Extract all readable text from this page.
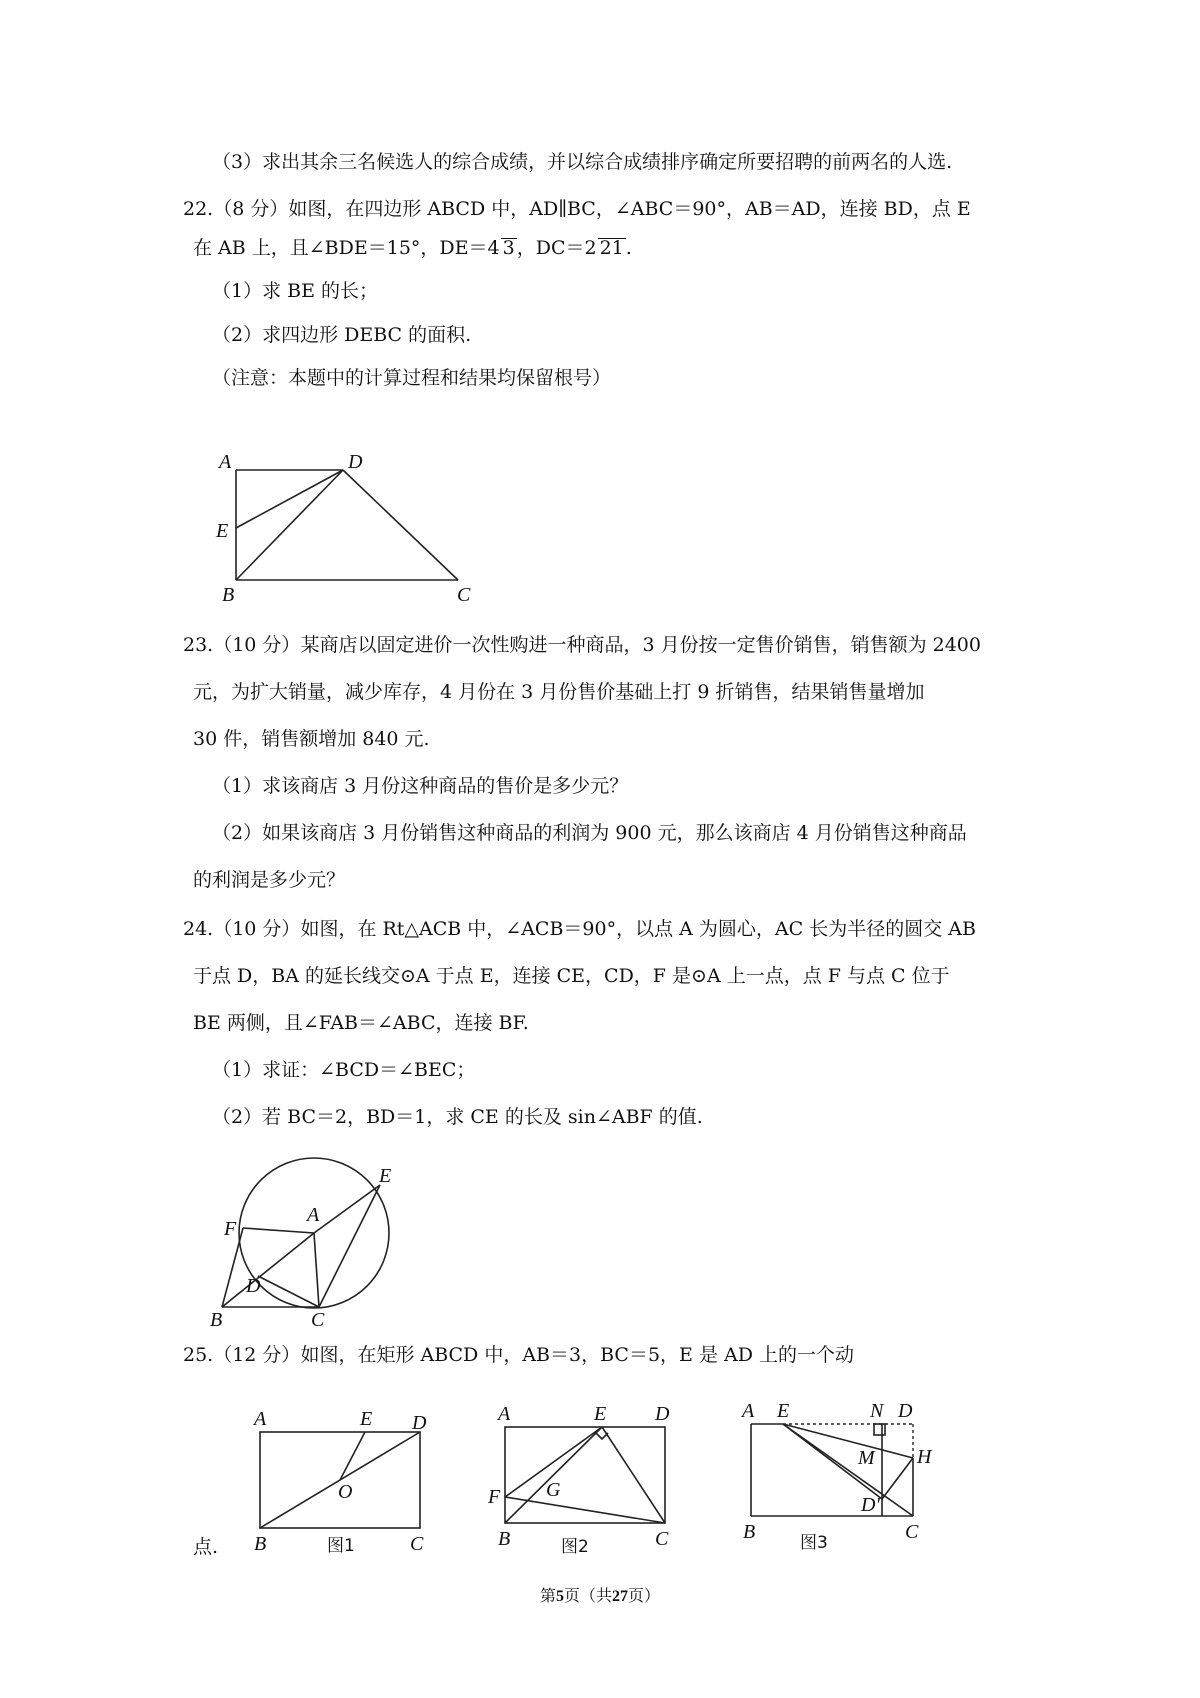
（3）求出其余三名候选人的综合成绩，并以综合成绩排序确定所要招聘的前两名的人选.
22.（8 分）如图，在四边形 ABCD 中，AD∥BC，∠ABC＝90°，AB＝AD，连接 BD，点 E
在 AB 上，且∠BDE＝15°，DE＝4 3 ，DC＝2 21 .
（1）求 BE 的长；
（2）求四边形 DEBC 的面积.
（注意：本题中的计算过程和结果均保留根号）
A	D
E
B	C
A
E
F
D
B	C
A	E D
O
B	C
图1
A	E D
F G
B	C
图2
A E	N D
M H
D'
B	C
图3
23.（10 分）某商店以固定进价一次性购进一种商品，3 月份按一定售价销售，销售额为 2400
元，为扩大销量，减少库存，4 月份在 3 月份售价基础上打 9 折销售，结果销售量增加
30 件，销售额增加 840 元.
（1）求该商店 3 月份这种商品的售价是多少元？
（2）如果该商店 3 月份销售这种商品的利润为 900 元，那么该商店 4 月份销售这种商品
的利润是多少元？
24.（10 分）如图，在 Rt△ACB 中，∠ACB＝90°，以点 A 为圆心，AC 长为半径的圆交 AB
于点 D，BA 的延长线交⊙A 于点 E，连接 CE，CD，F 是⊙A 上一点，点 F 与点 C 位于
BE 两侧，且∠FAB＝∠ABC，连接 BF.
（1）求证：∠BCD＝∠BEC；
（2）若 BC＝2，BD＝1，求 CE 的长及 sin∠ABF 的值.
25.（12 分）如图，在矩形 ABCD 中，AB＝3，BC＝5，E 是 AD 上的一个动
点.
第5页（共27页）
